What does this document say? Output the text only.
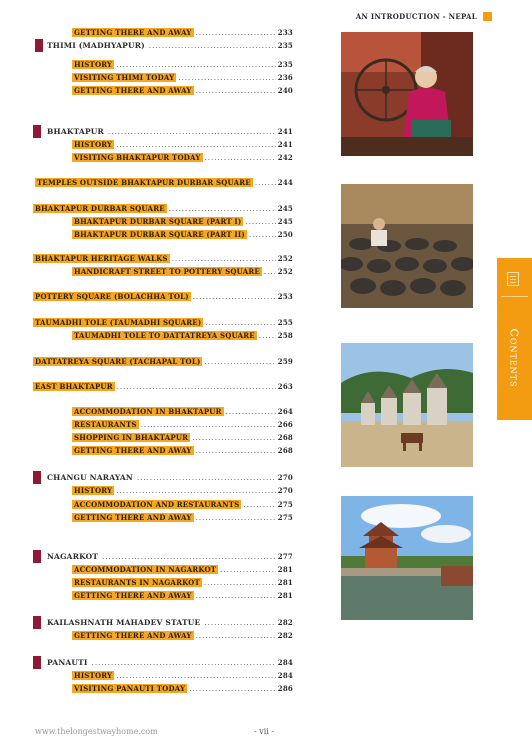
AN INTRODUCTION - NEPAL
GETTING THERE AND AWAY .....	233
THIMI (MADHYAPUR) .....	235
HISTORY .....	235
VISITING THIMI TODAY .....	236
GETTING THERE AND AWAY .....	240
BHAKTAPUR .....	241
HISTORY .....	241
VISITING BHAKTAPUR TODAY .....	242
TEMPLES OUTSIDE BHAKTAPUR DURBAR SQUARE .....	244
BHAKTAPUR DURBAR SQUARE .....	245
BHAKTAPUR DURBAR SQUARE (PART I) .....	245
BHAKTAPUR DURBAR SQUARE (PART II) .....	250
BHAKTAPUR HERITAGE WALKS .....	252
HANDICRAFT STREET TO POTTERY SQUARE .....	252
POTTERY SQUARE (BOLACHHA TOL) .....	253
TAUMADHI TOLE (TAUMADHI SQUARE) .....	255
TAUMADHI TOLE TO DATTATREYA SQUARE .....	258
DATTATREYA SQUARE (TACHAPAL TOL) .....	259
EAST BHAKTAPUR .....	263
ACCOMMODATION IN BHAKTAPUR .....	264
RESTAURANTS .....	266
SHOPPING IN BHAKTAPUR .....	268
GETTING THERE AND AWAY .....	268
CHANGU NARAYAN .....	270
HISTORY .....	270
ACCOMMODATION AND RESTAURANTS .....	275
GETTING THERE AND AWAY .....	275
NAGARKOT .....	277
ACCOMMODATION IN NAGARKOT .....	281
RESTAURANTS IN NAGARKOT .....	281
GETTING THERE AND AWAY .....	281
KAILASHNATH MAHADEV STATUE .....	282
GETTING THERE AND AWAY .....	282
PANAUTI .....	284
HISTORY .....	284
VISITING PANAUTI TODAY .....	286
Contents
www.thelongestwayhome.com	- vii -
